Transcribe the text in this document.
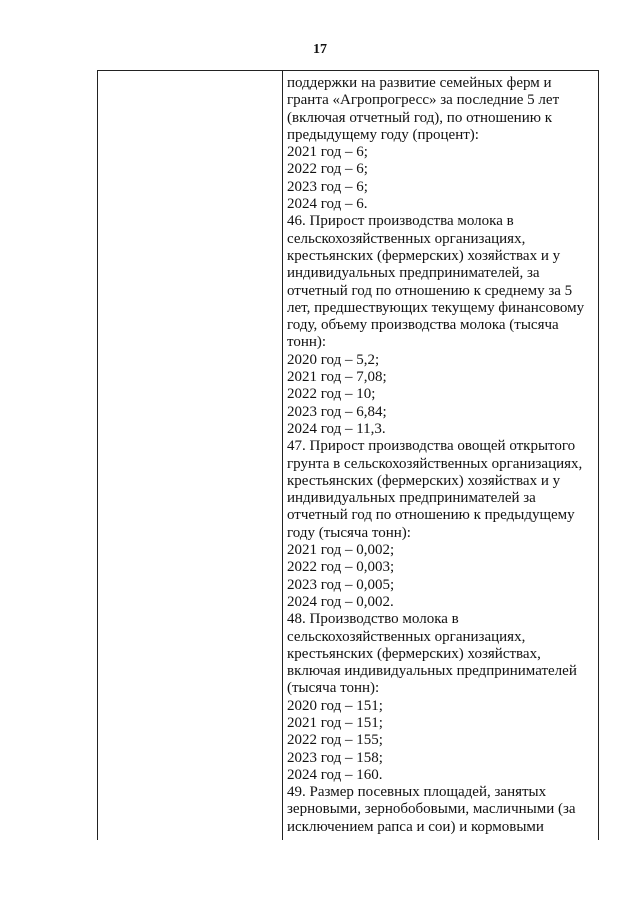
17
поддержки на развитие семейных ферм и
гранта «Агропрогресс» за последние 5 лет
(включая отчетный год), по отношению к
предыдущему году (процент):
2021 год – 6;
2022 год – 6;
2023 год – 6;
2024 год – 6.
46. Прирост производства молока в
сельскохозяйственных организациях,
крестьянских (фермерских) хозяйствах и у
индивидуальных предпринимателей, за
отчетный год по отношению к среднему за 5
лет, предшествующих текущему финансовому
году, объему производства молока (тысяча
тонн):
2020 год – 5,2;
2021 год – 7,08;
2022 год – 10;
2023 год – 6,84;
2024 год – 11,3.
47. Прирост производства овощей открытого
грунта в сельскохозяйственных организациях,
крестьянских (фермерских) хозяйствах и у
индивидуальных предпринимателей за
отчетный год по отношению к предыдущему
году (тысяча тонн):
2021 год – 0,002;
2022 год – 0,003;
2023 год – 0,005;
2024 год – 0,002.
48. Производство молока в
сельскохозяйственных организациях,
крестьянских (фермерских) хозяйствах,
включая индивидуальных предпринимателей
(тысяча тонн):
2020 год – 151;
2021 год – 151;
2022 год – 155;
2023 год – 158;
2024 год – 160.
49. Размер посевных площадей, занятых
зерновыми, зернобобовыми, масличными (за
исключением рапса и сои) и кормовыми
